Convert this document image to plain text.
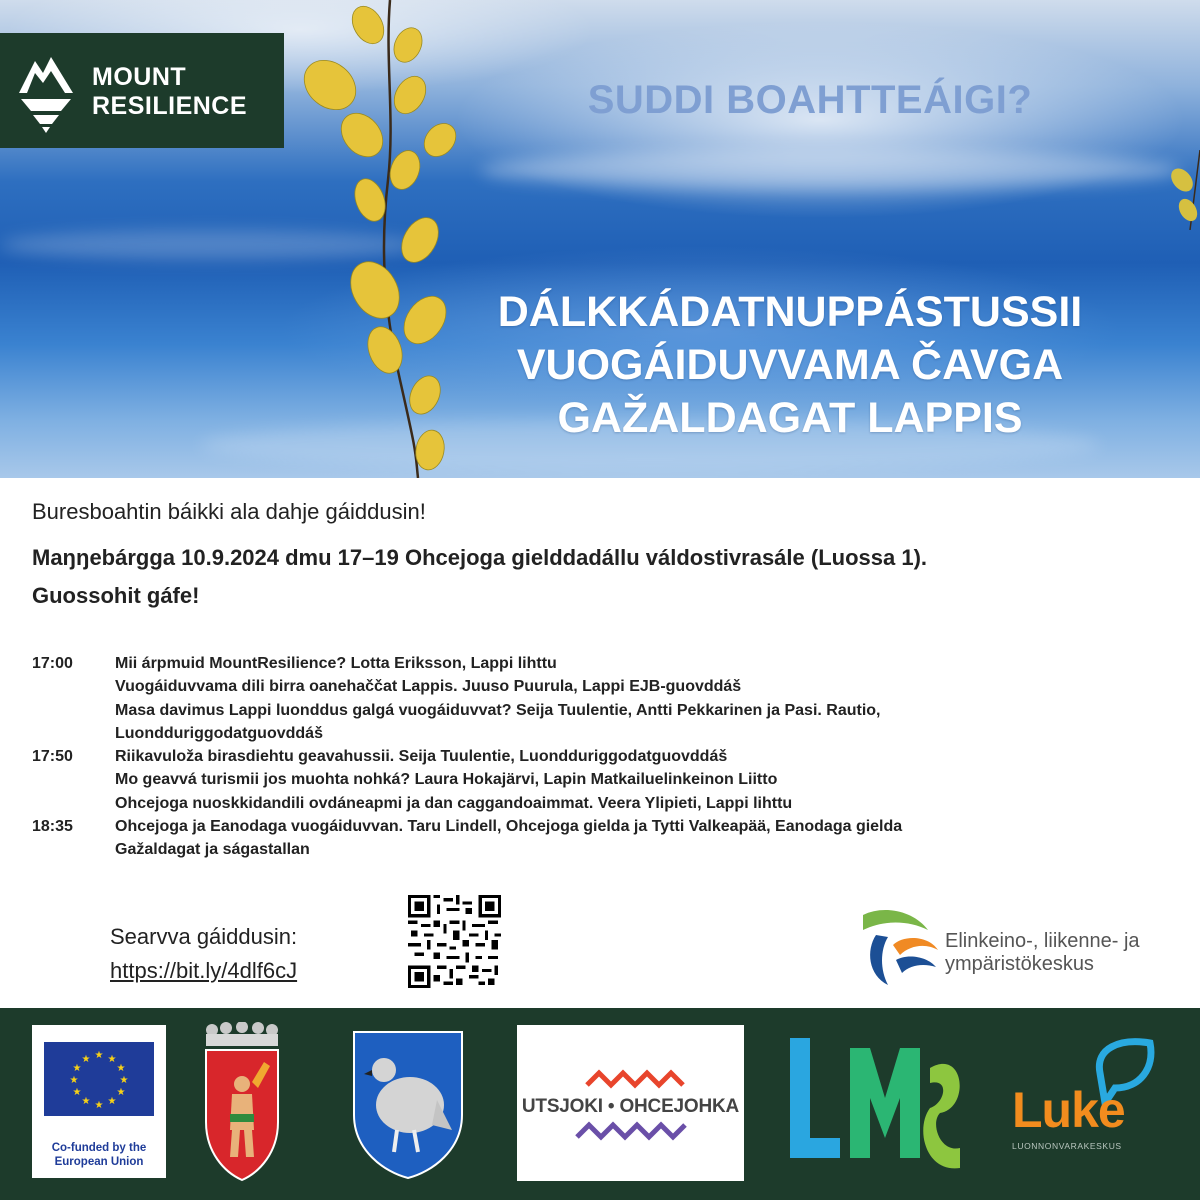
MOUNT
RESILIENCE	SUDDI BOAHTTEÁIGI?
DÁLKKÁDATNUPPÁSTUSSII
VUOGÁIDUVVAMA ČAVGA
GAŽALDAGAT LAPPIS
Buresboahtin báikki ala dahje gáiddusin!
Maŋŋebárgga 10.9.2024 dmu 17–19 Ohcejoga gielddadállu váldostivrasále (Luossa 1).
Guossohit gáfe!
17:00	Mii árpmuid MountResilience? Lotta Eriksson, Lappi lihttu
Vuogáiduvvama dili birra oanehaččat Lappis. Juuso Puurula, Lappi EJB-guovddáš
Masa davimus Lappi luonddus galgá vuogáiduvvat? Seija Tuulentie, Antti Pekkarinen ja Pasi. Rautio,
Luondduriggodatguovddáš
17:50	Riikavuloža birasdiehtu geavahussii. Seija Tuulentie, Luondduriggodatguovddáš
Mo geavvá turismii jos muohta nohká? Laura Hokajärvi, Lapin Matkailuelinkeinon Liitto
Ohcejoga nuoskkidandili ovdáneapmi ja dan caggandoaimmat. Veera Ylipieti, Lappi lihttu
18:35	Ohcejoga ja Eanodaga vuogáiduvvan. Taru Lindell, Ohcejoga gielda ja Tytti Valkeapää, Eanodaga gielda
Gažaldagat ja ságastallan
Searvva gáiddusin:
https://bit.ly/4dlf6cJ
Elinkeino-, liikenne- ja
ympäristökeskus
★ ★
★
★
★
★
★
★
★
★
★
★
Co-funded by the
European Union
UTSJOKI • OHCEJOHKA	Luke
LUONNONVARAKESKUS
